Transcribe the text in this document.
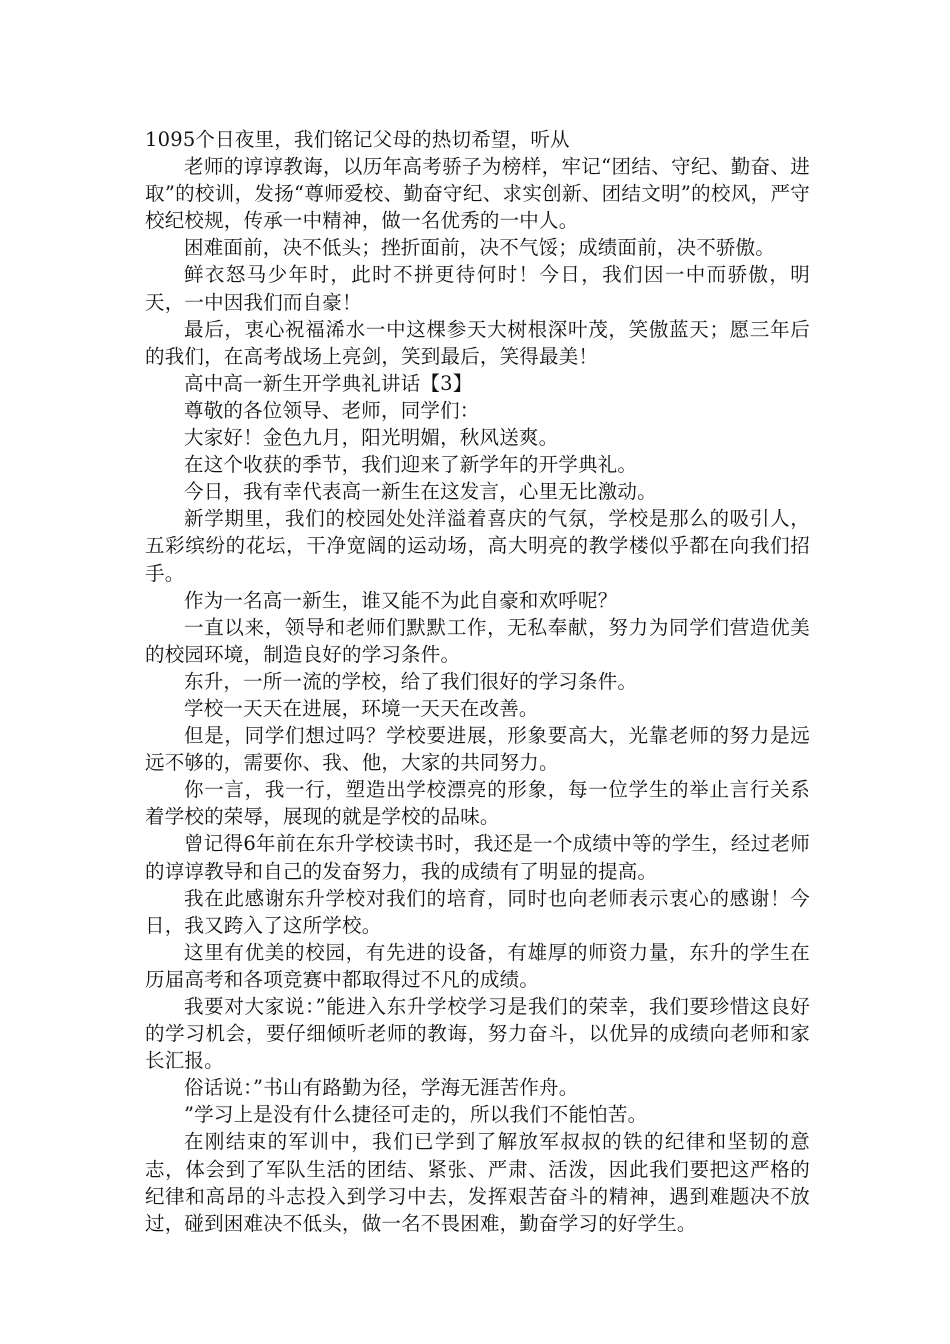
1095个日夜里，我们铭记父母的热切希望，听从

老师的谆谆教诲，以历年高考骄子为榜样，牢记“团结、守纪、勤奋、进取”的校训，发扬“尊师爱校、勤奋守纪、求实创新、团结文明”的校风，严守校纪校规，传承一中精神，做一名优秀的一中人。

困难面前，决不低头；挫折面前，决不气馁；成绩面前，决不骄傲。

鲜衣怒马少年时，此时不拼更待何时！今日，我们因一中而骄傲，明天，一中因我们而自豪！

最后，衷心祝福浠水一中这棵参天大树根深叶茂，笑傲蓝天；愿三年后的我们，在高考战场上亮剑，笑到最后，笑得最美！

高中高一新生开学典礼讲话【3】

尊敬的各位领导、老师，同学们：

大家好！金色九月，阳光明媚，秋风送爽。

在这个收获的季节，我们迎来了新学年的开学典礼。

今日，我有幸代表高一新生在这发言，心里无比激动。

新学期里，我们的校园处处洋溢着喜庆的气氛，学校是那么的吸引人，五彩缤纷的花坛，干净宽阔的运动场，高大明亮的教学楼似乎都在向我们招手。

作为一名高一新生，谁又能不为此自豪和欢呼呢？

一直以来，领导和老师们默默工作，无私奉献，努力为同学们营造优美的校园环境，制造良好的学习条件。

东升，一所一流的学校，给了我们很好的学习条件。

学校一天天在进展，环境一天天在改善。

但是，同学们想过吗？学校要进展，形象要高大，光靠老师的努力是远远不够的，需要你、我、他，大家的共同努力。

你一言，我一行，塑造出学校漂亮的形象，每一位学生的举止言行关系着学校的荣辱，展现的就是学校的品味。

曾记得6年前在东升学校读书时，我还是一个成绩中等的学生，经过老师的谆谆教导和自己的发奋努力，我的成绩有了明显的提高。

我在此感谢东升学校对我们的培育，同时也向老师表示衷心的感谢！今日，我又跨入了这所学校。

这里有优美的校园，有先进的设备，有雄厚的师资力量，东升的学生在历届高考和各项竞赛中都取得过不凡的成绩。

我要对大家说：”能进入东升学校学习是我们的荣幸，我们要珍惜这良好的学习机会，要仔细倾听老师的教诲，努力奋斗，以优异的成绩向老师和家长汇报。

俗话说：”书山有路勤为径，学海无涯苦作舟。

”学习上是没有什么捷径可走的，所以我们不能怕苦。

在刚结束的军训中，我们已学到了解放军叔叔的铁的纪律和坚韧的意志，体会到了军队生活的团结、紧张、严肃、活泼，因此我们要把这严格的纪律和高昂的斗志投入到学习中去，发挥艰苦奋斗的精神，遇到难题决不放过，碰到困难决不低头，做一名不畏困难，勤奋学习的好学生。
